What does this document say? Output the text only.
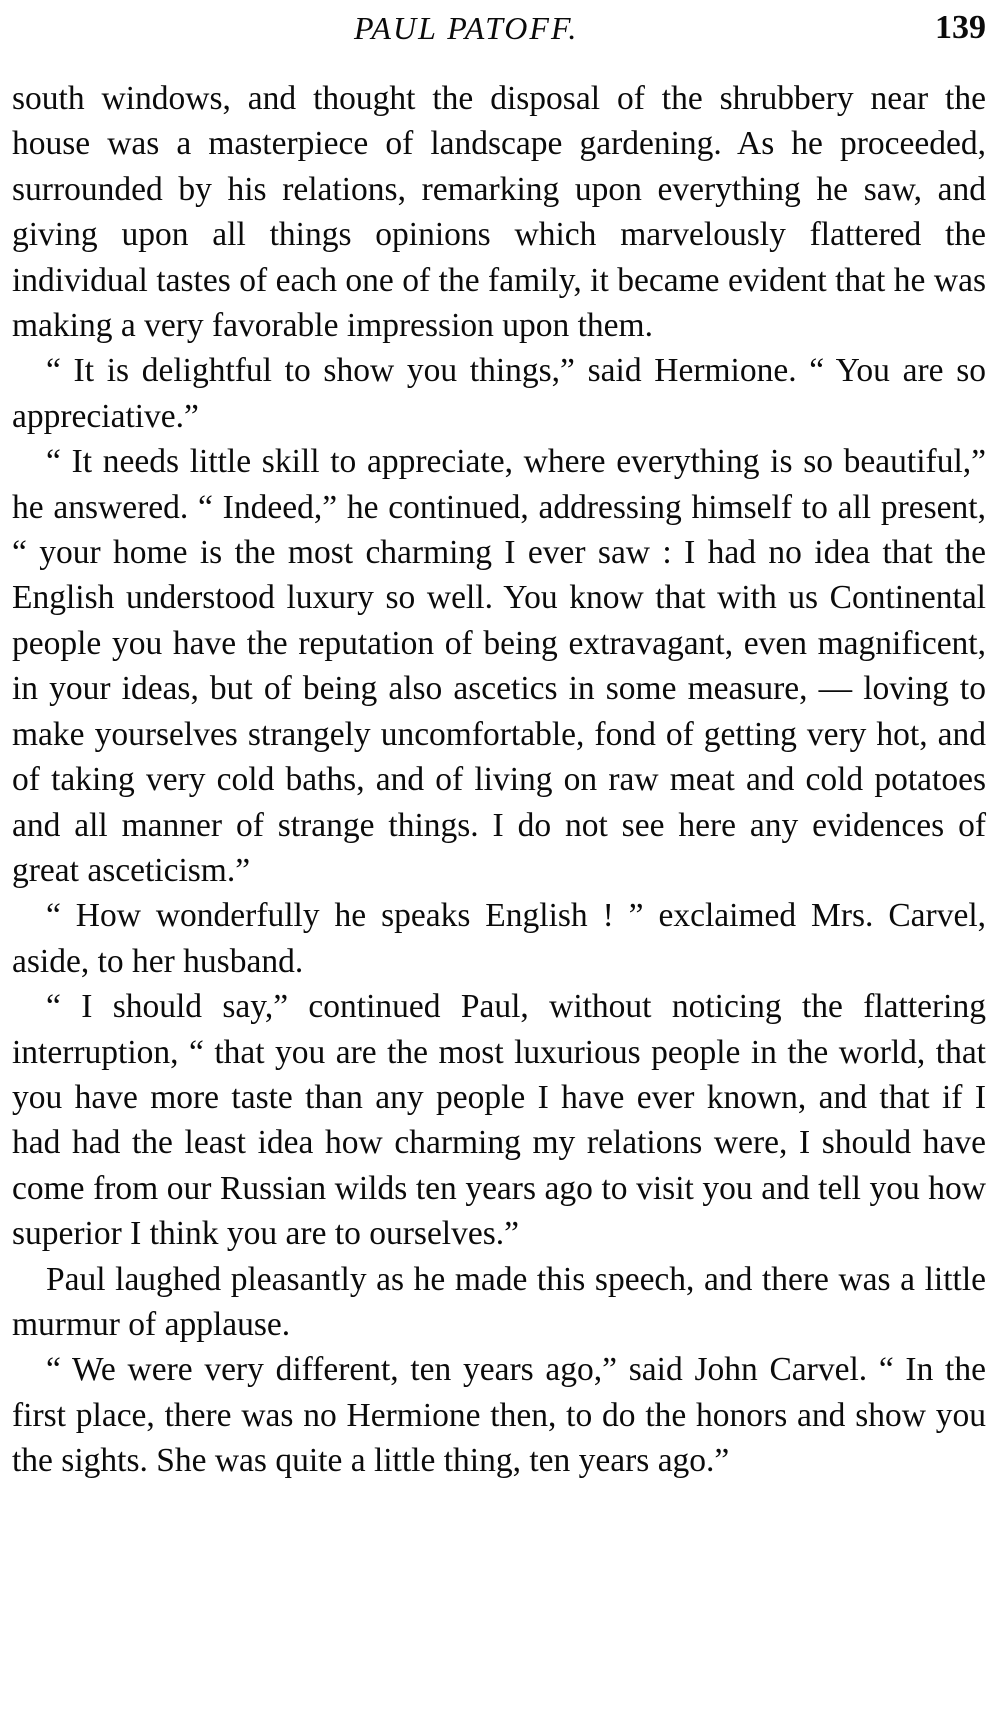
PAUL PATOFF.	139

south windows, and thought the disposal of the shrubbery near the house was a masterpiece of landscape gardening. As he proceeded, surrounded by his relations, remarking upon everything he saw, and giving upon all things opinions which marvelously flattered the individual tastes of each one of the family, it became evident that he was making a very favorable impression upon them.

“ It is delightful to show you things,” said Hermione. “ You are so appreciative.”

“ It needs little skill to appreciate, where everything is so beautiful,” he answered. “ Indeed,” he continued, addressing himself to all present, “ your home is the most charming I ever saw : I had no idea that the English understood luxury so well. You know that with us Continental people you have the reputation of being extravagant, even magnificent, in your ideas, but of being also ascetics in some measure, — loving to make yourselves strangely uncomfortable, fond of getting very hot, and of taking very cold baths, and of living on raw meat and cold potatoes and all manner of strange things. I do not see here any evidences of great asceticism.”

“ How wonderfully he speaks English ! ” exclaimed Mrs. Carvel, aside, to her husband.

“ I should say,” continued Paul, without noticing the flattering interruption, “ that you are the most luxurious people in the world, that you have more taste than any people I have ever known, and that if I had had the least idea how charming my relations were, I should have come from our Russian wilds ten years ago to visit you and tell you how superior I think you are to ourselves.”

Paul laughed pleasantly as he made this speech, and there was a little murmur of applause.

“ We were very different, ten years ago,” said John Carvel. “ In the first place, there was no Hermione then, to do the honors and show you the sights. She was quite a little thing, ten years ago.”
